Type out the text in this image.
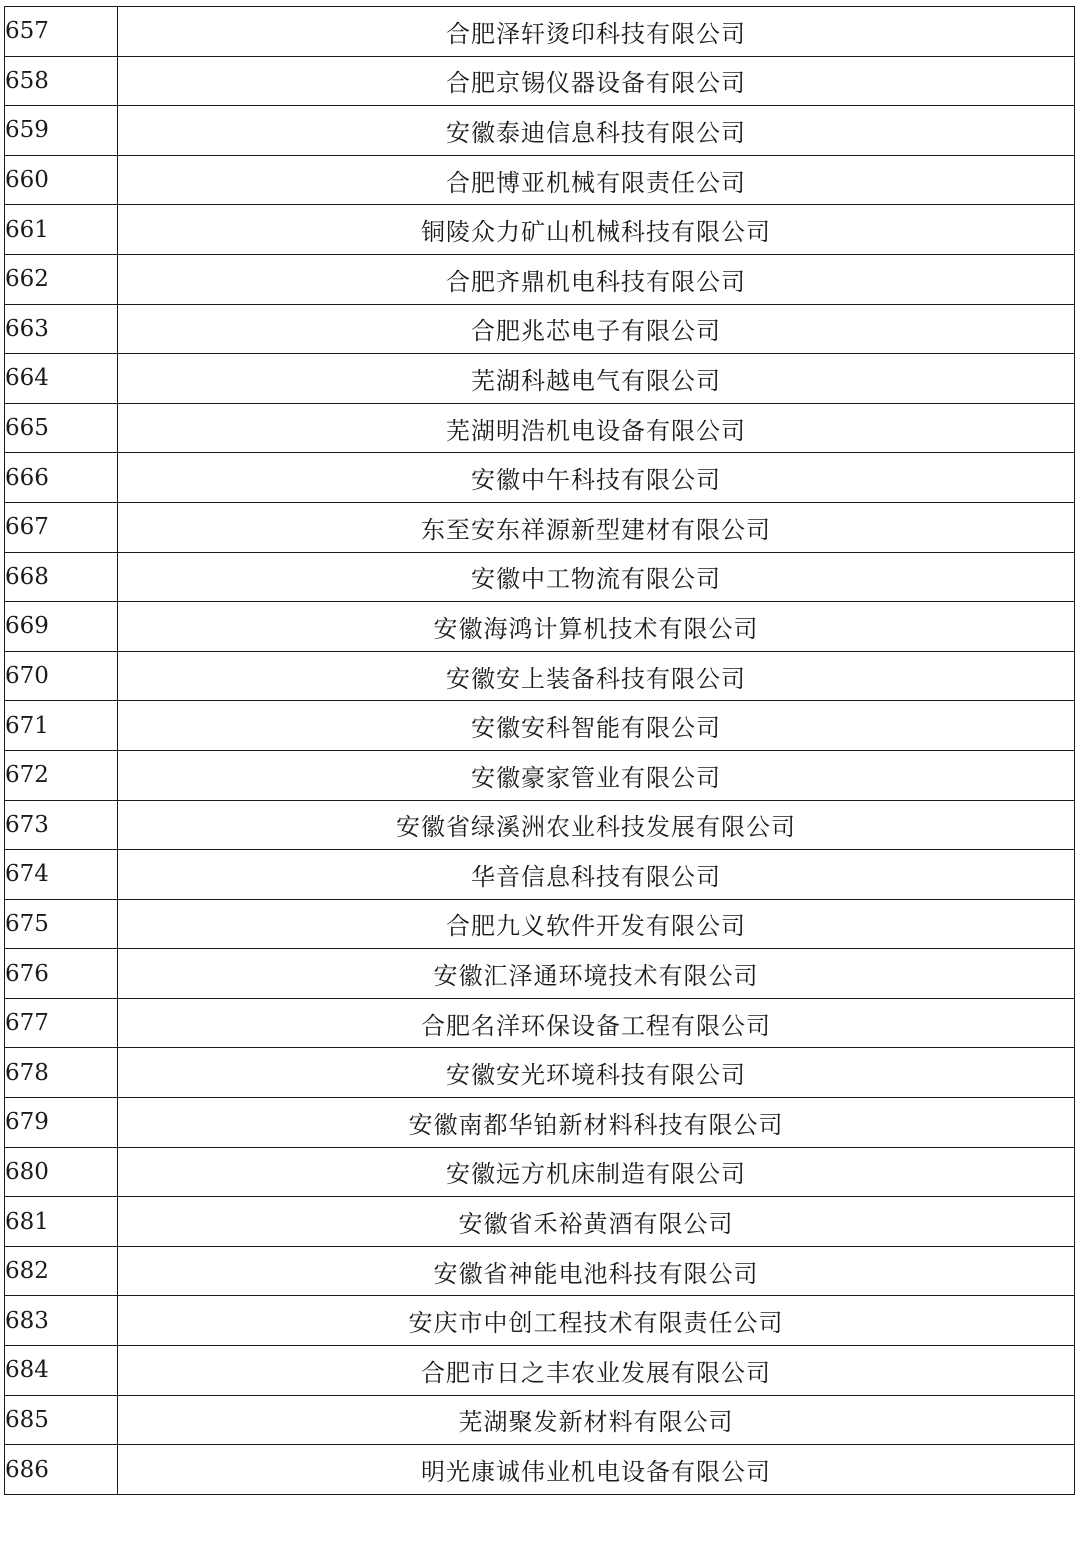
657	合肥泽轩烫印科技有限公司
658	合肥京锡仪器设备有限公司
659	安徽泰迪信息科技有限公司
660	合肥博亚机械有限责任公司
661	铜陵众力矿山机械科技有限公司
662	合肥齐鼎机电科技有限公司
663	合肥兆芯电子有限公司
664	芜湖科越电气有限公司
665	芜湖明浩机电设备有限公司
666	安徽中午科技有限公司
667	东至安东祥源新型建材有限公司
668	安徽中工物流有限公司
669	安徽海鸿计算机技术有限公司
670	安徽安上装备科技有限公司
671	安徽安科智能有限公司
672	安徽豪家管业有限公司
673	安徽省绿溪洲农业科技发展有限公司
674	华音信息科技有限公司
675	合肥九义软件开发有限公司
676	安徽汇泽通环境技术有限公司
677	合肥名洋环保设备工程有限公司
678	安徽安光环境科技有限公司
679	安徽南都华铂新材料科技有限公司
680	安徽远方机床制造有限公司
681	安徽省禾裕黄酒有限公司
682	安徽省神能电池科技有限公司
683	安庆市中创工程技术有限责任公司
684	合肥市日之丰农业发展有限公司
685	芜湖聚发新材料有限公司
686	明光康诚伟业机电设备有限公司
